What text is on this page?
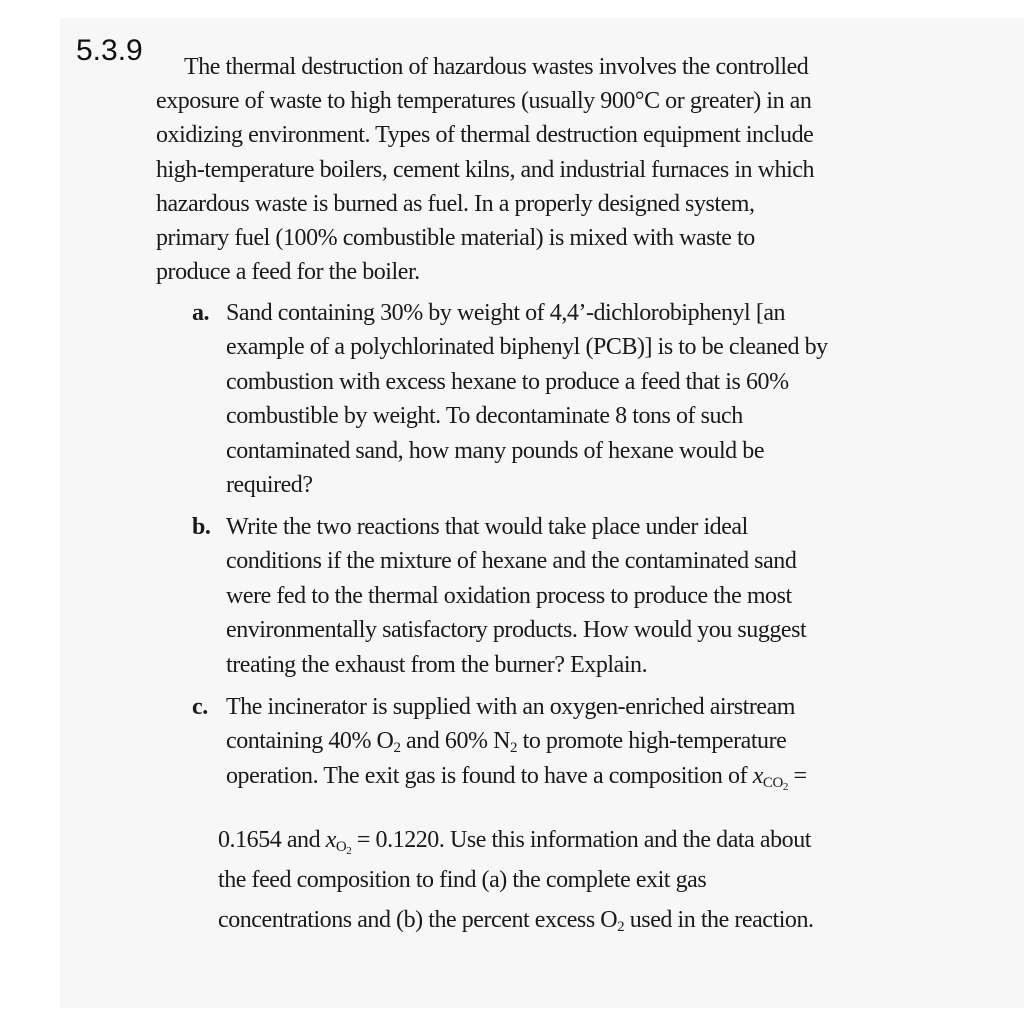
5.3.9	The thermal destruction of hazardous wastes involves the controlled
exposure of waste to high temperatures (usually 900°C or greater) in an
oxidizing environment. Types of thermal destruction equipment include
high-temperature boilers, cement kilns, and industrial furnaces in which
hazardous waste is burned as fuel. In a properly designed system,
primary fuel (100% combustible material) is mixed with waste to
produce a feed for the boiler.
a. Sand containing 30% by weight of 4,4’-dichlorobiphenyl [an
example of a polychlorinated biphenyl (PCB)] is to be cleaned by
combustion with excess hexane to produce a feed that is 60%
combustible by weight. To decontaminate 8 tons of such
contaminated sand, how many pounds of hexane would be
required?
b. Write the two reactions that would take place under ideal
conditions if the mixture of hexane and the contaminated sand
were fed to the thermal oxidation process to produce the most
environmentally satisfactory products. How would you suggest
treating the exhaust from the burner? Explain.
c. The incinerator is supplied with an oxygen-enriched airstream
containing 40% $O_2$ and 60% $N_2$ to promote high-temperature
operation. The exit gas is found to have a composition of $x_{CO_2}$ =
0.1654 and $x_{O_2} = 0.1220$. Use this information and the data about
the feed composition to find (a) the complete exit gas
concentrations and (b) the percent excess $O_2$ used in the reaction.
